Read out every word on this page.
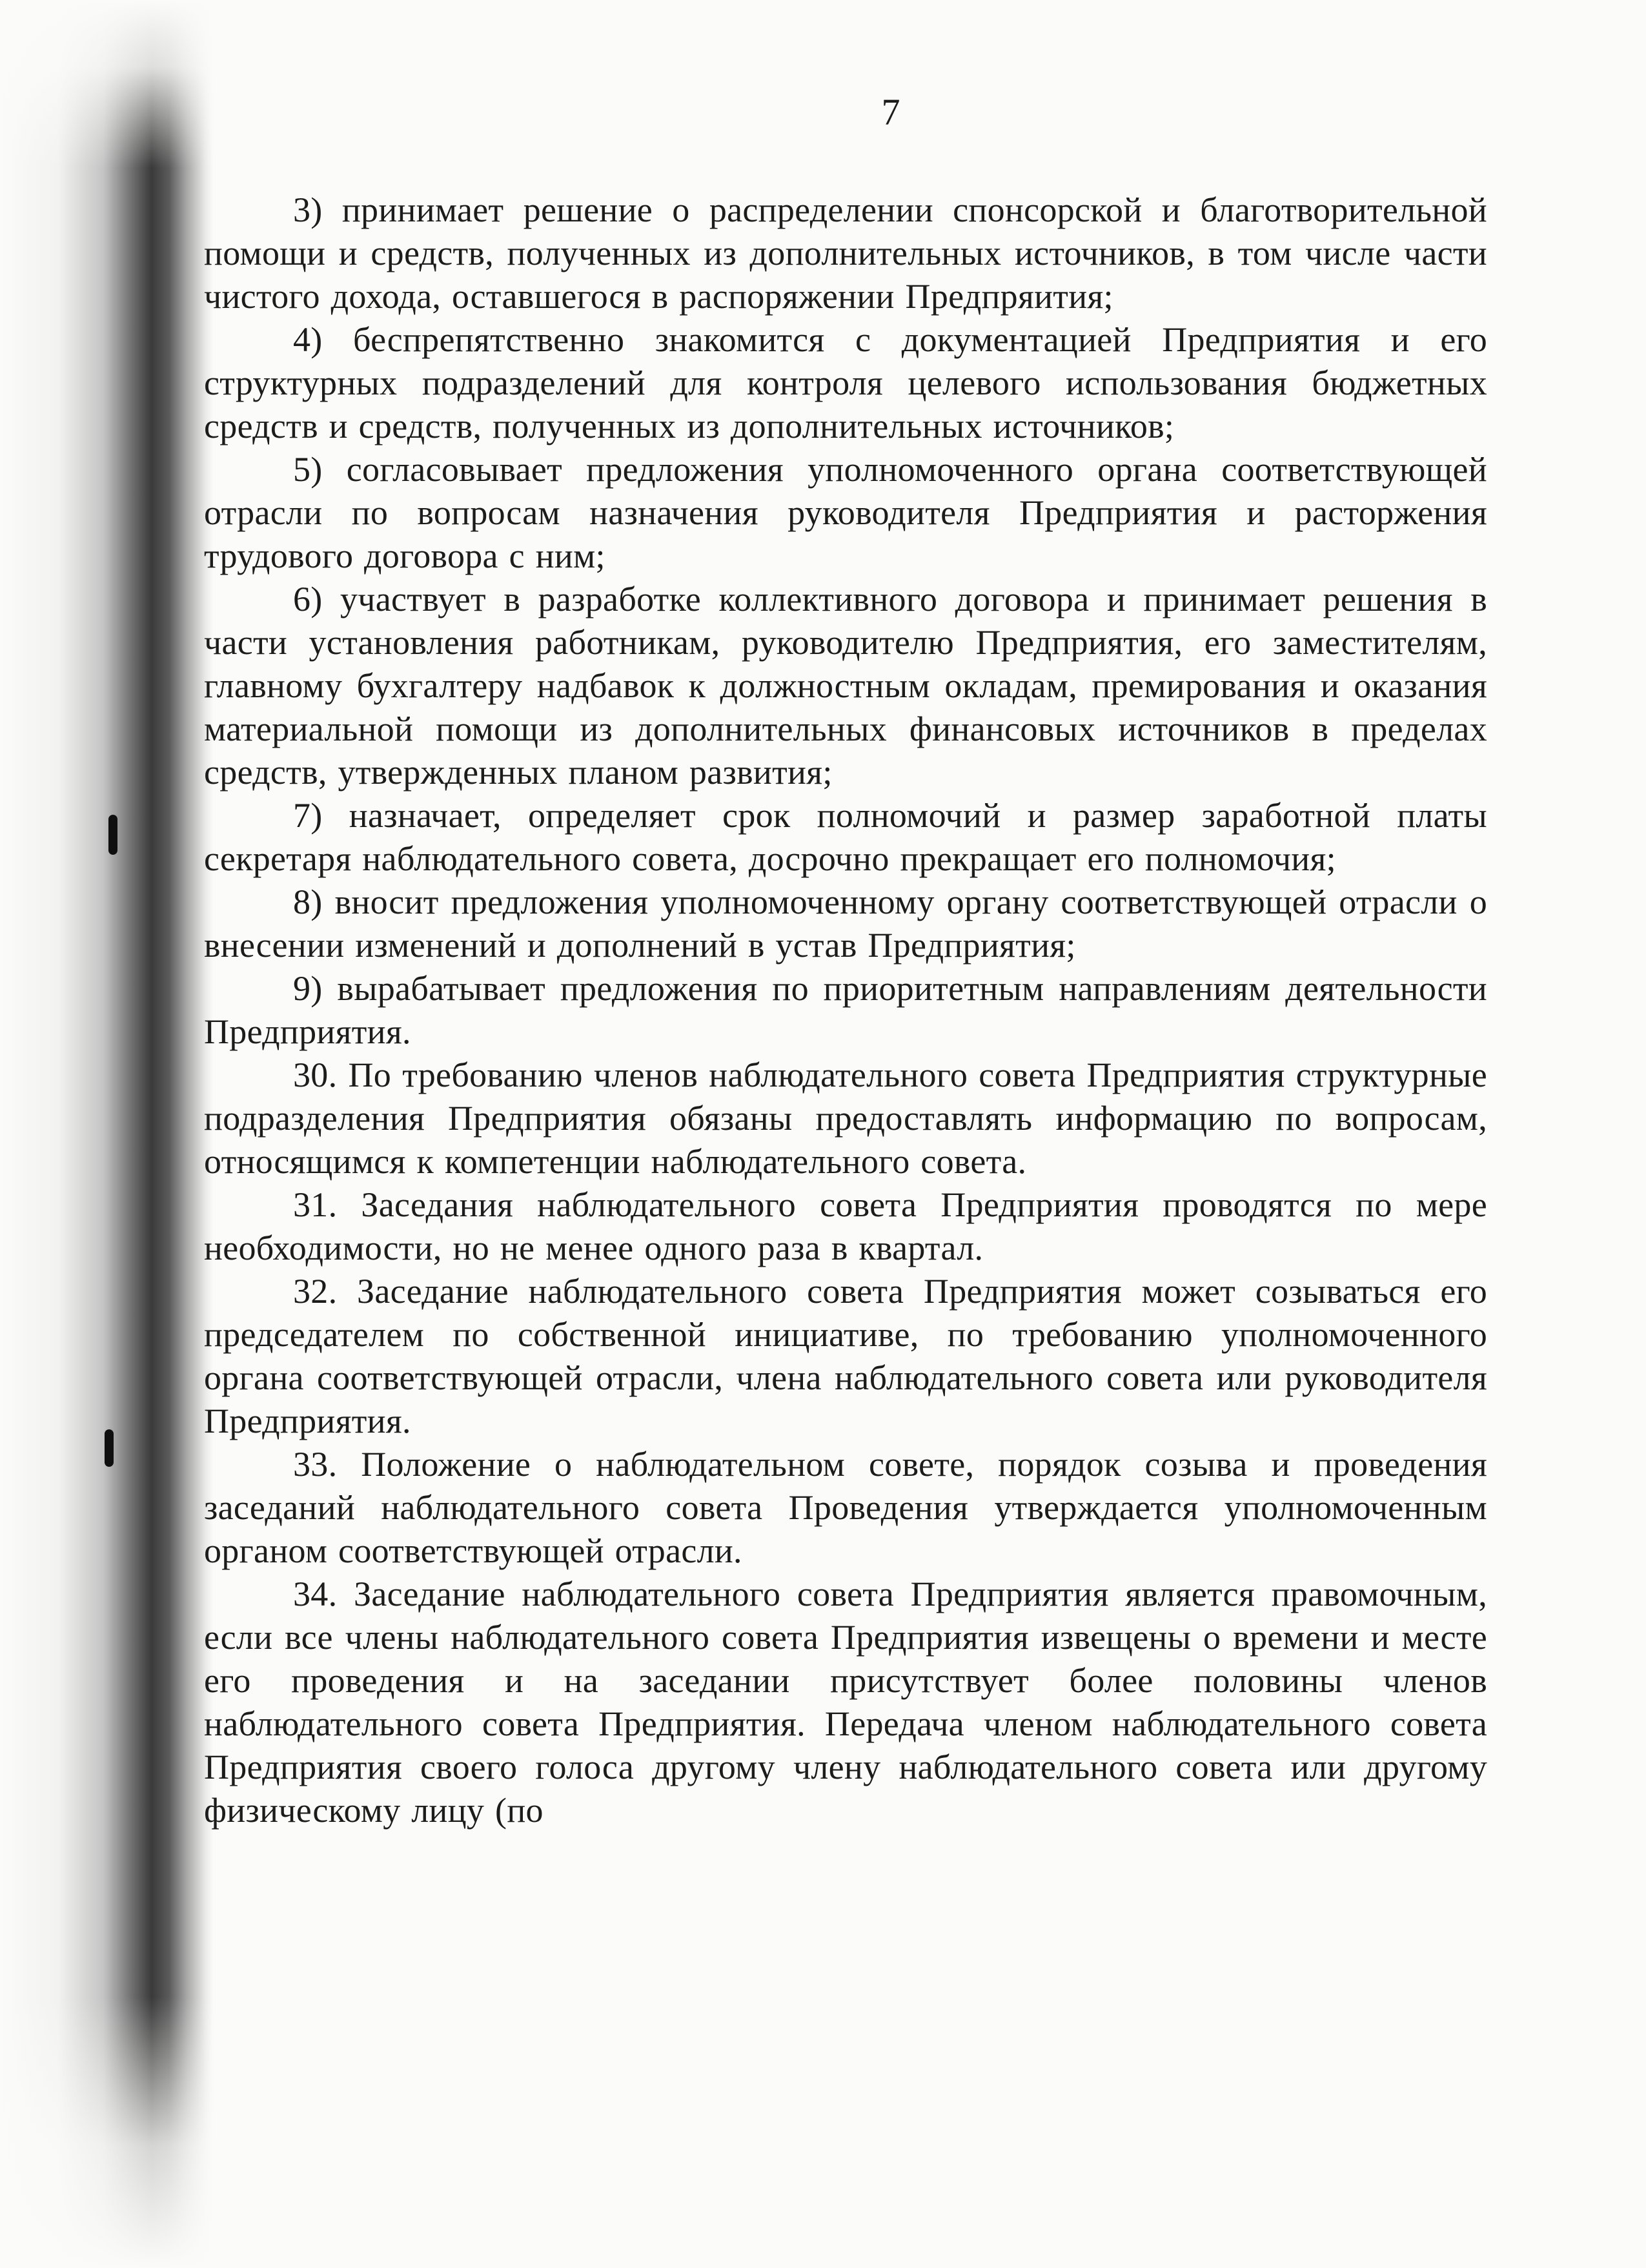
7

3) принимает решение о распределении спонсорской и благотворительной помощи и средств, полученных из дополнительных источников, в том числе части чистого дохода, оставшегося в распоряжении Предпряития;

4) беспрепятственно знакомится с документацией Предприятия и его структурных подразделений для контроля целевого использования бюджетных средств и средств, полученных из дополнительных источников;

5) согласовывает предложения уполномоченного органа соответствующей отрасли по вопросам назначения руководителя Предприятия и расторжения трудового договора с ним;

6) участвует в разработке коллективного договора и принимает решения в части установления работникам, руководителю Предприятия, его заместителям, главному бухгалтеру надбавок к должностным окладам, премирования и оказания материальной помощи из дополнительных финансовых источников в пределах средств, утвержденных планом развития;

7) назначает, определяет срок полномочий и размер заработной платы секретаря наблюдательного совета, досрочно прекращает его полномочия;

8) вносит предложения уполномоченному органу соответствующей отрасли о внесении изменений и дополнений в устав Предприятия;

9) вырабатывает предложения по приоритетным направлениям деятельности Предприятия.

30. По требованию членов наблюдательного совета Предприятия структурные подразделения Предприятия обязаны предоставлять информацию по вопросам, относящимся к компетенции наблюдательного совета.

31. Заседания наблюдательного совета Предприятия проводятся по мере необходимости, но не менее одного раза в квартал.

32. Заседание наблюдательного совета Предприятия может созываться его председателем по собственной инициативе, по требованию уполномоченного органа соответствующей отрасли, члена наблюдательного совета или руководителя Предприятия.

33. Положение о наблюдательном совете, порядок созыва и проведения заседаний наблюдательного совета Проведения утверждается уполномоченным органом соответствующей отрасли.

34. Заседание наблюдательного совета Предприятия является правомочным, если все члены наблюдательного совета Предприятия извещены о времени и месте его проведения и на заседании присутствует более половины членов наблюдательного совета Предприятия. Передача членом наблюдательного совета Предприятия своего голоса другому члену наблюдательного совета или другому физическому лицу (по
